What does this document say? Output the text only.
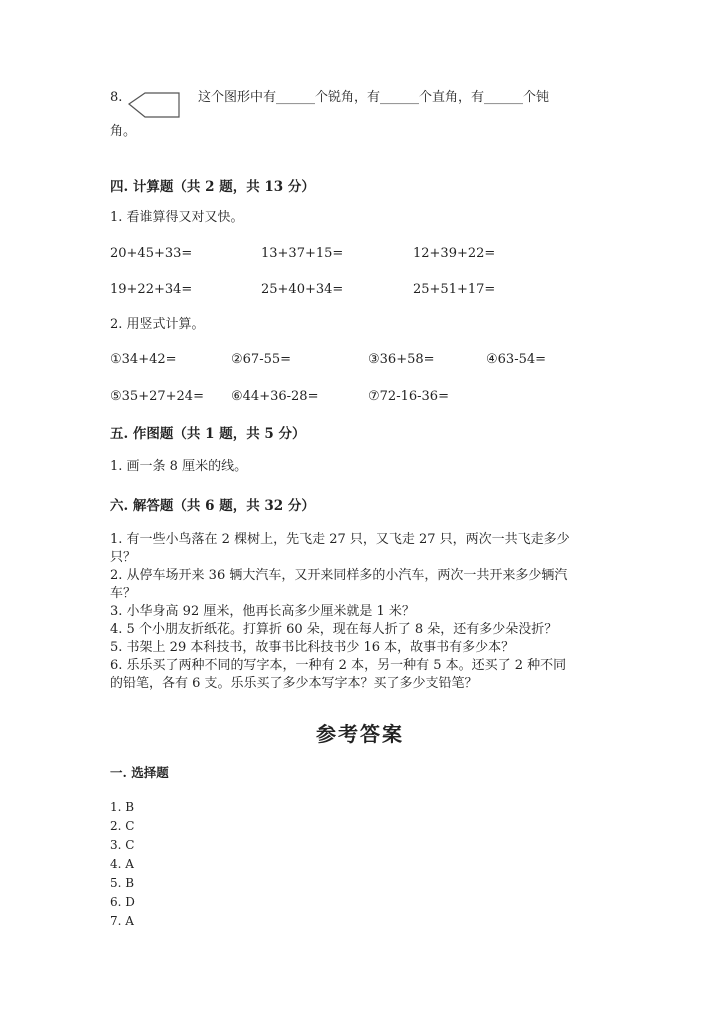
8.	这个图形中有______个锐角，有______个直角，有______个钝
角。
四. 计算题（共 2 题，共 13 分）
1. 看谁算得又对又快。
20+45+33=	13+37+15=	12+39+22=
19+22+34=	25+40+34=	25+51+17=
2. 用竖式计算。
①34+42=	②67-55=	③36+58=	④63-54=
⑤35+27+24= ⑥44+36-28=	⑦72-16-36=
五. 作图题（共 1 题，共 5 分）
1. 画一条 8 厘米的线。
六. 解答题（共 6 题，共 32 分）
1. 有一些小鸟落在 2 棵树上，先飞走 27 只，又飞走 27 只，两次一共飞走多少
只？
2. 从停车场开来 36 辆大汽车，又开来同样多的小汽车，两次一共开来多少辆汽
车？
3. 小华身高 92 厘米，他再长高多少厘米就是 1 米？
4. 5 个小朋友折纸花。打算折 60 朵，现在每人折了 8 朵，还有多少朵没折？
5. 书架上 29 本科技书，故事书比科技书少 16 本，故事书有多少本？
6. 乐乐买了两种不同的写字本，一种有 2 本，另一种有 5 本。还买了 2 种不同
的铅笔，各有 6 支。乐乐买了多少本写字本？买了多少支铅笔？
参考答案
一. 选择题
1. B
2. C
3. C
4. A
5. B
6. D
7. A
